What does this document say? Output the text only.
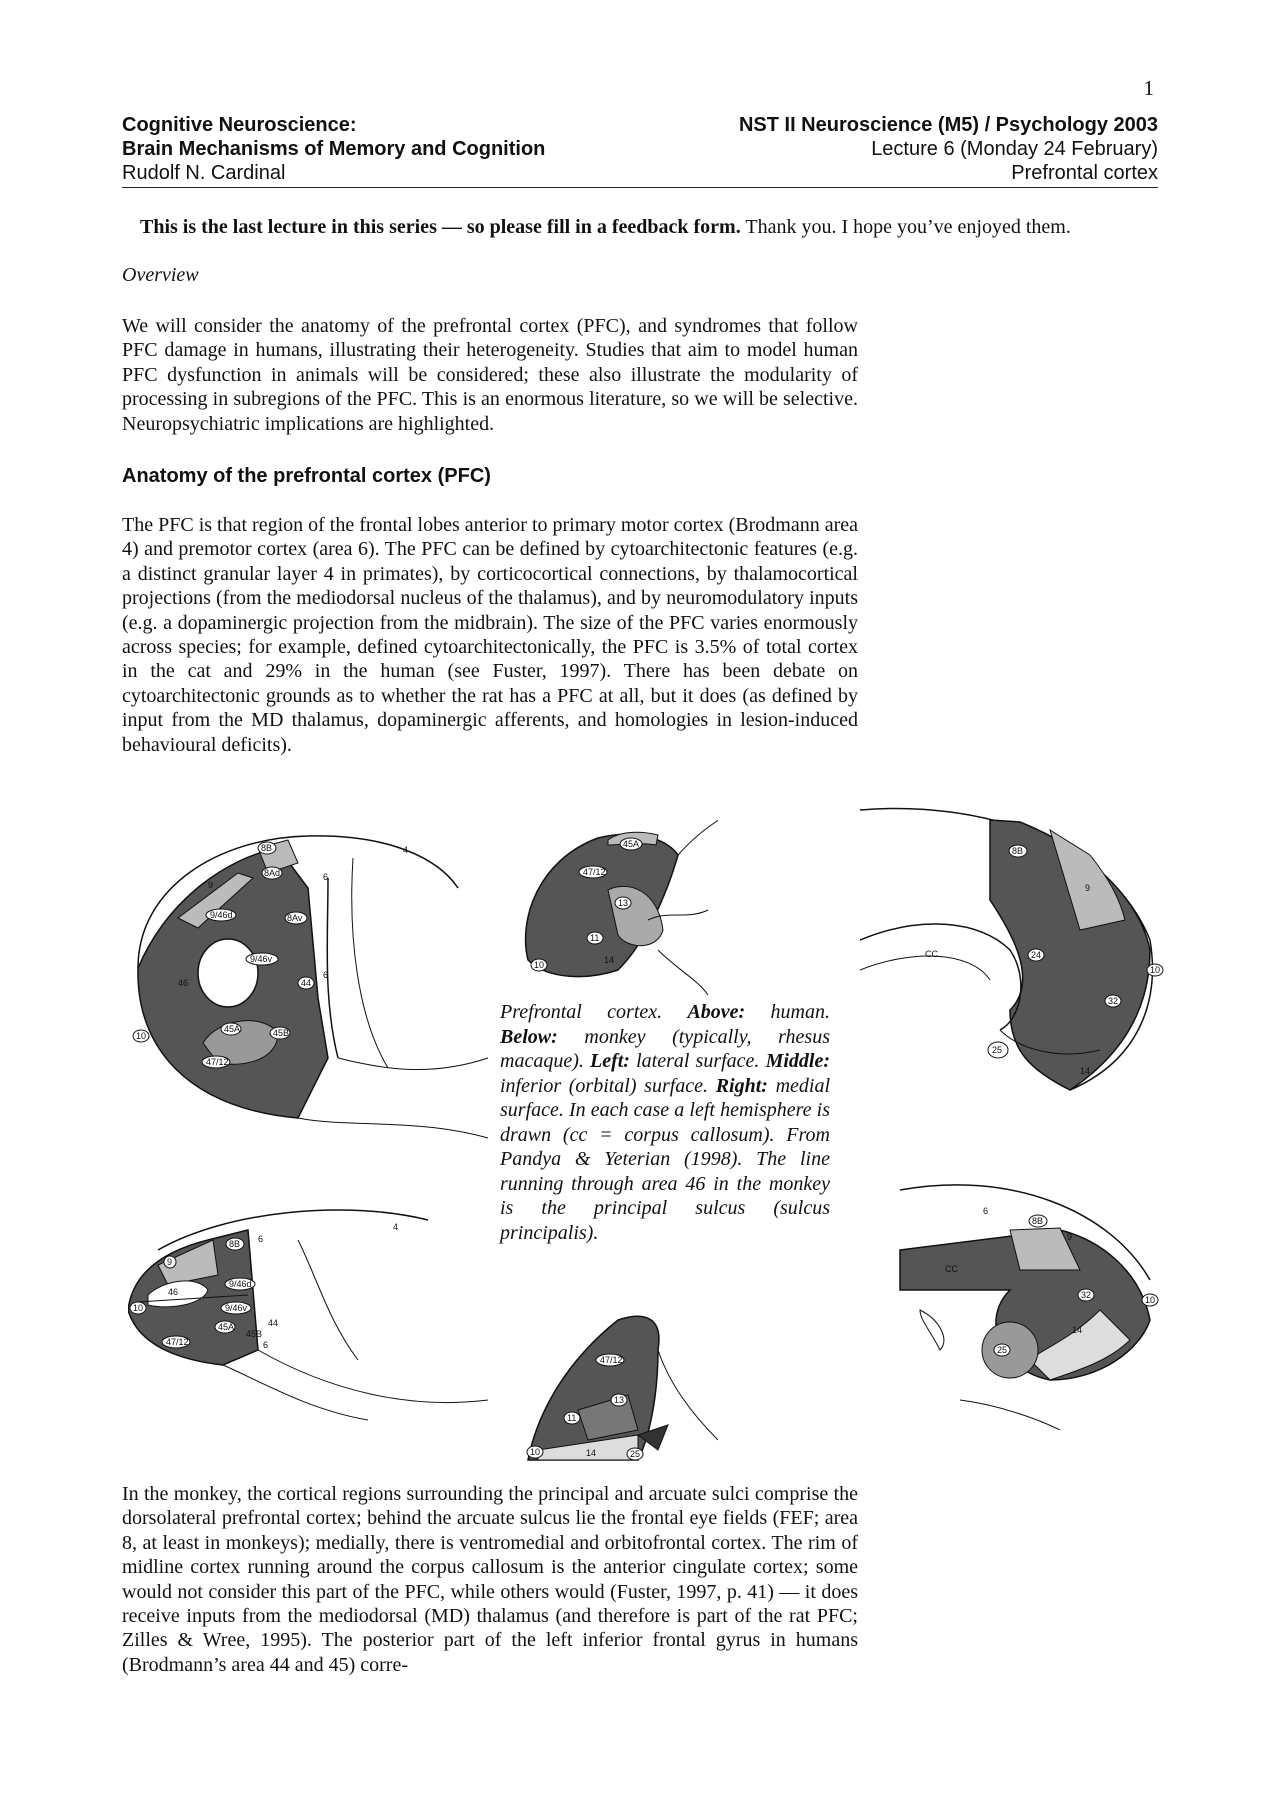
1
Cognitive Neuroscience:	NST II Neuroscience (M5) / Psychology 2003
Brain Mechanisms of Memory and Cognition	Lecture 6 (Monday 24 February)
Rudolf N. Cardinal	Prefrontal cortex
This is the last lecture in this series — so please fill in a feedback form. Thank you. I hope you’ve enjoyed them.
Overview
We will consider the anatomy of the prefrontal cortex (PFC), and syndromes that follow PFC damage in humans, illustrating their heterogeneity. Studies that aim to model human PFC dysfunction in animals will be considered; these also illustrate the modularity of processing in subregions of the PFC. This is an enormous literature, so we will be selective. Neuropsychiatric implications are highlighted.
Anatomy of the prefrontal cortex (PFC)
The PFC is that region of the frontal lobes anterior to primary motor cortex (Brodmann area 4) and premotor cortex (area 6). The PFC can be defined by cytoarchitectonic features (e.g. a distinct granular layer 4 in primates), by corticocortical connections, by thalamocortical projections (from the mediodorsal nucleus of the thalamus), and by neuromodulatory inputs (e.g. a dopaminergic projection from the midbrain). The size of the PFC varies enormously across species; for example, defined cytoarchitectonically, the PFC is 3.5% of total cortex in the cat and 29% in the human (see Fuster, 1997). There has been debate on cytoarchitectonic grounds as to whether the rat has a PFC at all, but it does (as defined by input from the MD thalamus, dopaminergic afferents, and homologies in lesion-induced behavioural deficits).
8B
8Ad
9
9/46d	8Av
9/46v
46	44
6
6
4
10
45A	45B
47/12
45A
47/12
13
11
10	14
8B
9
24
CC
32
10
25
14
Prefrontal cortex. Above: human. Below: monkey (typically, rhesus macaque). Left: lateral surface. Middle: inferior (orbital) surface. Right: medial surface. In each case a left hemisphere is drawn (cc = corpus callosum). From Pandya & Yeterian (1998). The line running through area 46 in the monkey is the principal sulcus (sulcus principalis).
8B 6
9
9/46d
46
10	9/46v
45A
45B
44
6
47/12
4
47/12
13
11
10	14	25
6
8B
9
CC
32	10
14
25
In the monkey, the cortical regions surrounding the principal and arcuate sulci comprise the dorsolateral prefrontal cortex; behind the arcuate sulcus lie the frontal eye fields (FEF; area 8, at least in monkeys); medially, there is ventromedial and orbitofrontal cortex. The rim of midline cortex running around the corpus callosum is the anterior cingulate cortex; some would not consider this part of the PFC, while others would (Fuster, 1997, p. 41) — it does receive inputs from the mediodorsal (MD) thalamus (and therefore is part of the rat PFC; Zilles & Wree, 1995). The posterior part of the left inferior frontal gyrus in humans (Brodmann’s area 44 and 45) corre-
